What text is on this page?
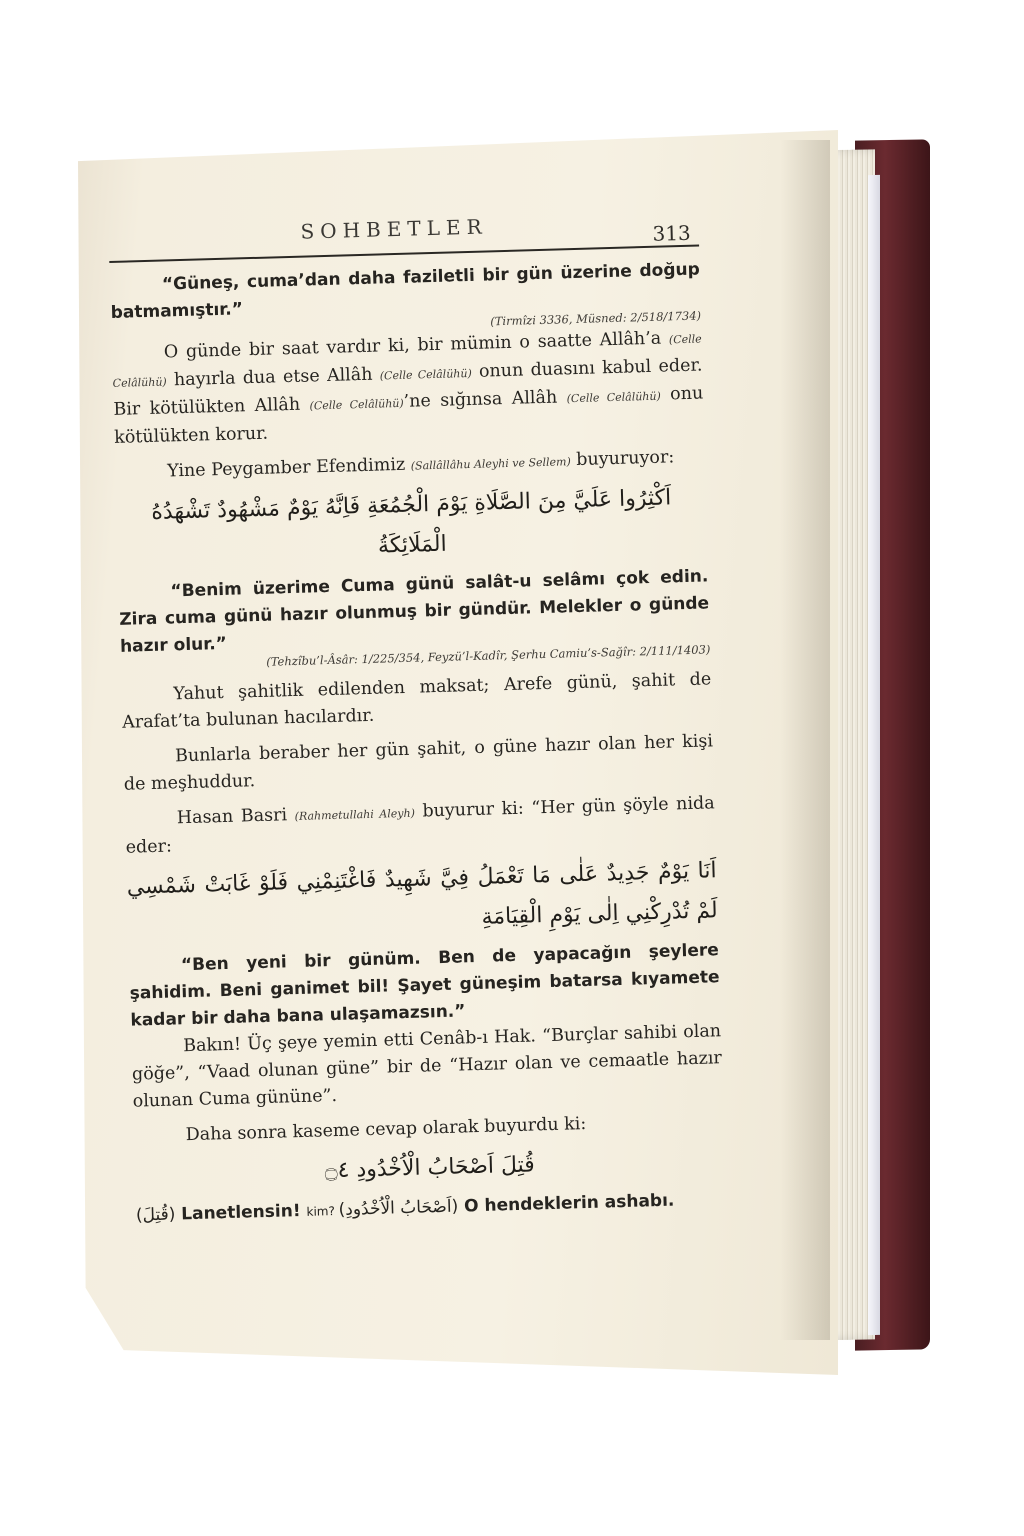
SOHBETLER	313

“Güneş, cuma’dan daha faziletli bir gün üzerine doğup batmamıştır.”	(Tirmîzi 3336, Müsned: 2/518/1734)

O günde bir saat vardır ki, bir mümin o saatte Allâh’a (Celle Celâlühü) hayırla dua etse Allâh (Celle Celâlühü) onun duasını kabul eder. Bir kötülükten Allâh (Celle Celâlühü)’ne sığınsa Allâh (Celle Celâlühü) onu kötülükten korur.

Yine Peygamber Efendimiz (Sallâllâhu Aleyhi ve Sellem) buyuruyor:

اَكْثِرُوا عَلَيَّ مِنَ الصَّلَاةِ يَوْمَ الْجُمُعَةِ فَاِنَّهُ يَوْمٌ مَشْهُودٌ تَشْهَدُهُ الْمَلَائِكَةُ

“Benim üzerime Cuma günü salât-u selâmı çok edin. Zira cuma günü hazır olunmuş bir gündür. Melekler o günde hazır olur.”	(Tehzîbu’l-Âsâr: 1/225/354, Feyzü’l-Kadîr, Şerhu Camiu’s-Sağîr: 2/111/1403)

Yahut şahitlik edilenden maksat; Arefe günü, şahit de Arafat’ta bulunan hacılardır.

Bunlarla beraber her gün şahit, o güne hazır olan her kişi de meşhuddur.

Hasan Basri (Rahmetullahi Aleyh) buyurur ki: “Her gün şöyle nida eder:

اَنَا يَوْمٌ جَدِيدٌ عَلٰى مَا تَعْمَلُ فِيَّ شَهِيدٌ فَاغْتَنِمْنِي فَلَوْ غَابَتْ شَمْسِي لَمْ تُدْرِكْنِي اِلٰى يَوْمِ الْقِيَامَةِ

“Ben yeni bir günüm. Ben de yapacağın şeylere şahidim. Beni ganimet bil! Şayet güneşim batarsa kıyamete kadar bir daha bana ulaşamazsın.”

Bakın! Üç şeye yemin etti Cenâb-ı Hak. “Burçlar sahibi olan göğe”, “Vaad olunan güne” bir de “Hazır olan ve cemaatle hazır olunan Cuma gününe”.

Daha sonra kaseme cevap olarak buyurdu ki:

قُتِلَ اَصْحَابُ الْاُخْدُودِ ۝٤

(قُتِلَ) Lanetlensin! kim? (اَصْحَابُ الْاُخْدُودِ) O hendeklerin ashabı.
